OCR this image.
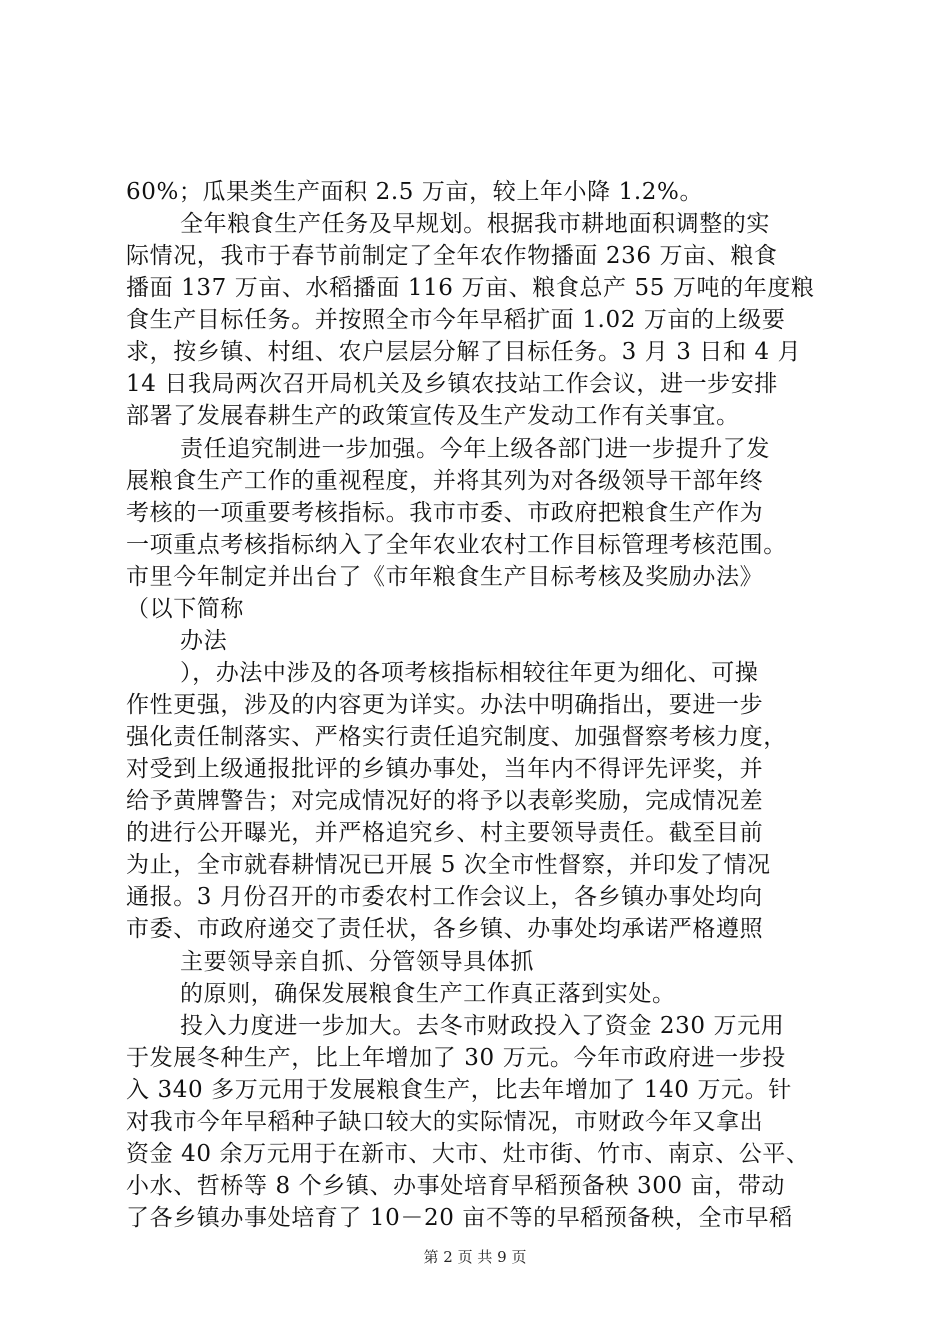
60%；瓜果类生产面积 2.5 万亩，较上年小降 1.2%。
全年粮食生产任务及早规划。根据我市耕地面积调整的实
际情况，我市于春节前制定了全年农作物播面 236 万亩、粮食
播面 137 万亩、水稻播面 116 万亩、粮食总产 55 万吨的年度粮
食生产目标任务。并按照全市今年早稻扩面 1.02 万亩的上级要
求，按乡镇、村组、农户层层分解了目标任务。3 月 3 日和 4 月
14 日我局两次召开局机关及乡镇农技站工作会议，进一步安排
部署了发展春耕生产的政策宣传及生产发动工作有关事宜。
责任追究制进一步加强。今年上级各部门进一步提升了发
展粮食生产工作的重视程度，并将其列为对各级领导干部年终
考核的一项重要考核指标。我市市委、市政府把粮食生产作为
一项重点考核指标纳入了全年农业农村工作目标管理考核范围。
市里今年制定并出台了《市年粮食生产目标考核及奖励办法》
（以下简称
办法
），办法中涉及的各项考核指标相较往年更为细化、可操
作性更强，涉及的内容更为详实。办法中明确指出，要进一步
强化责任制落实、严格实行责任追究制度、加强督察考核力度，
对受到上级通报批评的乡镇办事处，当年内不得评先评奖，并
给予黄牌警告；对完成情况好的将予以表彰奖励，完成情况差
的进行公开曝光，并严格追究乡、村主要领导责任。截至目前
为止，全市就春耕情况已开展 5 次全市性督察，并印发了情况
通报。3 月份召开的市委农村工作会议上，各乡镇办事处均向
市委、市政府递交了责任状，各乡镇、办事处均承诺严格遵照
主要领导亲自抓、分管领导具体抓
的原则，确保发展粮食生产工作真正落到实处。
投入力度进一步加大。去冬市财政投入了资金 230 万元用
于发展冬种生产，比上年增加了 30 万元。今年市政府进一步投
入 340 多万元用于发展粮食生产，比去年增加了 140 万元。针
对我市今年早稻种子缺口较大的实际情况，市财政今年又拿出
资金 40 余万元用于在新市、大市、灶市街、竹市、南京、公平、
小水、哲桥等 8 个乡镇、办事处培育早稻预备秧 300 亩，带动
了各乡镇办事处培育了 10－20 亩不等的早稻预备秧，全市早稻
第 2 页 共 9 页
